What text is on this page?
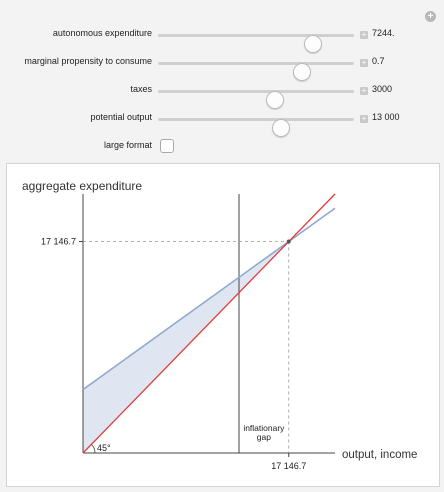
+
autonomous expenditure	+ 7244.
marginal propensity to consume	+ 0.7
taxes	+ 3000
potential output	+ 13 000
large format
aggregate expenditure
output, income
17 146.7
17 146.7
45°
inflationary
gap
